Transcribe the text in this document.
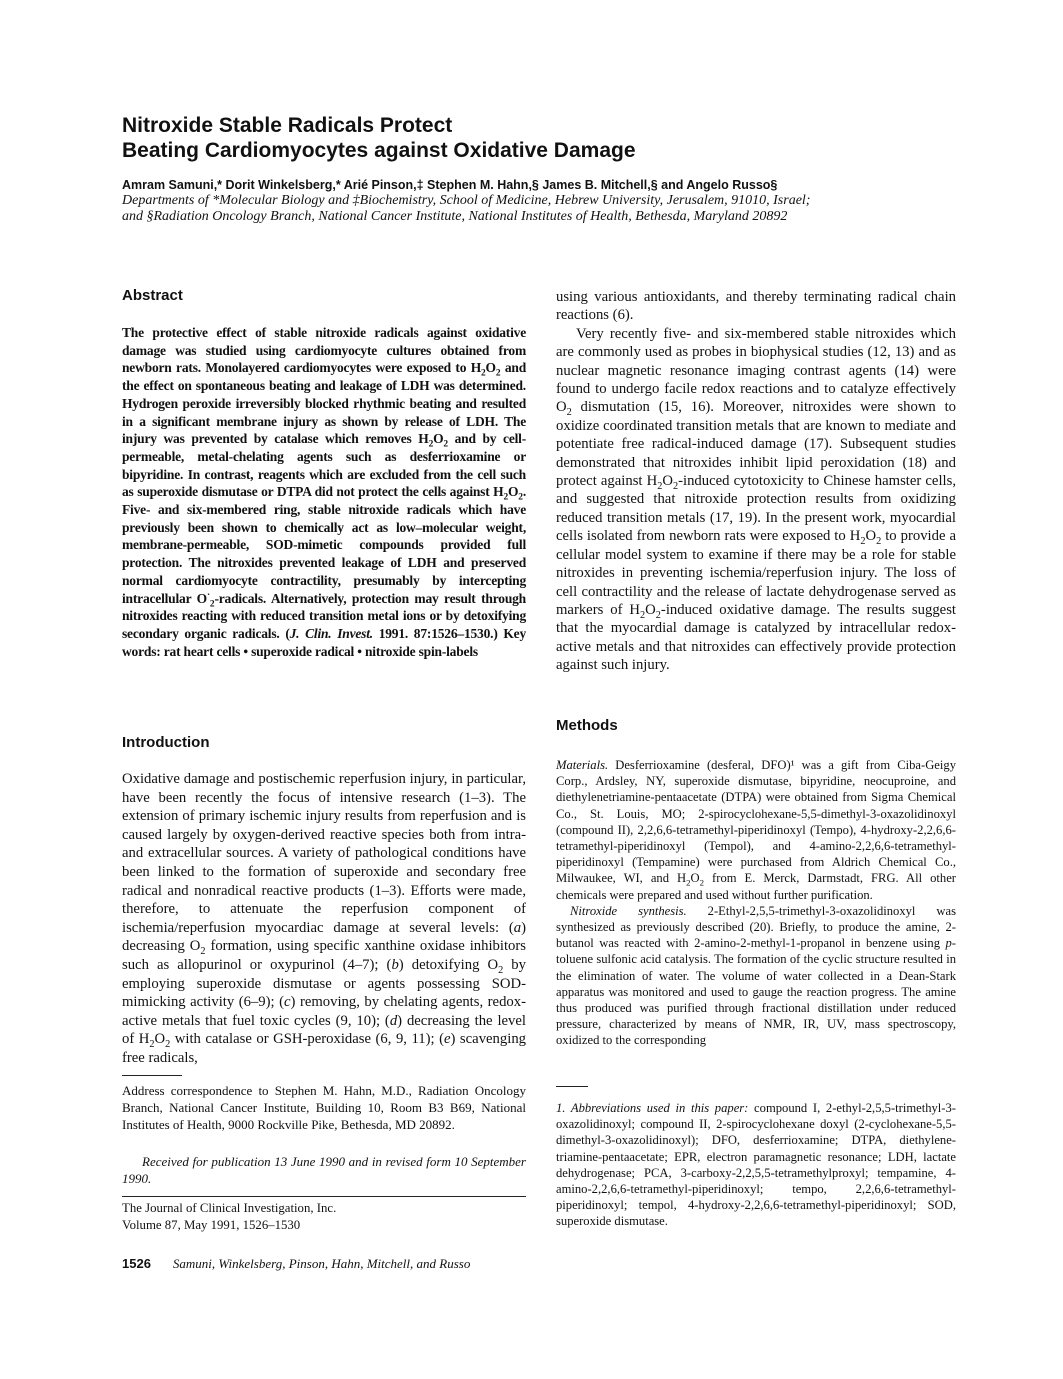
Nitroxide Stable Radicals Protect
Beating Cardiomyocytes against Oxidative Damage
Amram Samuni,* Dorit Winkelsberg,* Arié Pinson,‡ Stephen M. Hahn,§ James B. Mitchell,§ and Angelo Russo§
Departments of *Molecular Biology and ‡Biochemistry, School of Medicine, Hebrew University, Jerusalem, 91010, Israel;
and §Radiation Oncology Branch, National Cancer Institute, National Institutes of Health, Bethesda, Maryland 20892
Abstract
The protective effect of stable nitroxide radicals against oxidative damage was studied using cardiomyocyte cultures obtained from newborn rats. Monolayered cardiomyocytes were exposed to $H_2O_2$ and the effect on spontaneous beating and leakage of LDH was determined. Hydrogen peroxide irreversibly blocked rhythmic beating and resulted in a significant membrane injury as shown by release of LDH. The injury was prevented by catalase which removes $H_2O_2$ and by cell-permeable, metal-chelating agents such as desferrioxamine or bipyridine. In contrast, reagents which are excluded from the cell such as superoxide dismutase or DTPA did not protect the cells against $H_2O_2$. Five- and six-membered ring, stable nitroxide radicals which have previously been shown to chemically act as low–molecular weight, membrane-permeable, SOD-mimetic compounds provided full protection. The nitroxides prevented leakage of LDH and preserved normal cardiomyocyte contractility, presumably by intercepting intracellular $O^\cdot_2$-radicals. Alternatively, protection may result through nitroxides reacting with reduced transition metal ions or by detoxifying secondary organic radicals. (J. Clin. Invest. 1991. 87:1526–1530.) Key words: rat heart cells • superoxide radical • nitroxide spin-labels
Introduction
Oxidative damage and postischemic reperfusion injury, in particular, have been recently the focus of intensive research (1–3). The extension of primary ischemic injury results from reperfusion and is caused largely by oxygen-derived reactive species both from intra- and extracellular sources. A variety of pathological conditions have been linked to the formation of superoxide and secondary free radical and nonradical reactive products (1–3). Efforts were made, therefore, to attenuate the reperfusion component of ischemia/reperfusion myocardiac damage at several levels: (a) decreasing $O_2$ formation, using specific xanthine oxidase inhibitors such as allopurinol or oxypurinol (4–7); (b) detoxifying $O_2$ by employing superoxide dismutase or agents possessing SOD-mimicking activity (6–9); (c) removing, by chelating agents, redox-active metals that fuel toxic cycles (9, 10); (d) decreasing the level of $H_2O_2$ with catalase or GSH-peroxidase (6, 9, 11); (e) scavenging free radicals,
Address correspondence to Stephen M. Hahn, M.D., Radiation Oncology Branch, National Cancer Institute, Building 10, Room B3 B69, National Institutes of Health, 9000 Rockville Pike, Bethesda, MD 20892.
Received for publication 13 June 1990 and in revised form 10 September 1990.
The Journal of Clinical Investigation, Inc.
Volume 87, May 1991, 1526–1530
1526 Samuni, Winkelsberg, Pinson, Hahn, Mitchell, and Russo

using various antioxidants, and thereby terminating radical chain reactions (6).

Very recently five- and six-membered stable nitroxides which are commonly used as probes in biophysical studies (12, 13) and as nuclear magnetic resonance imaging contrast agents (14) were found to undergo facile redox reactions and to catalyze effectively $O_2$ dismutation (15, 16). Moreover, nitroxides were shown to oxidize coordinated transition metals that are known to mediate and potentiate free radical-induced damage (17). Subsequent studies demonstrated that nitroxides inhibit lipid peroxidation (18) and protect against $H_2O_2$-induced cytotoxicity to Chinese hamster cells, and suggested that nitroxide protection results from oxidizing reduced transition metals (17, 19). In the present work, myocardial cells isolated from newborn rats were exposed to $H_2O_2$ to provide a cellular model system to examine if there may be a role for stable nitroxides in preventing ischemia/reperfusion injury. The loss of cell contractility and the release of lactate dehydrogenase served as markers of $H_2O_2$-induced oxidative damage. The results suggest that the myocardial damage is catalyzed by intracellular redox-active metals and that nitroxides can effectively provide protection against such injury.

Methods

Materials. Desferrioxamine (desferal, DFO)¹ was a gift from Ciba-Geigy Corp., Ardsley, NY, superoxide dismutase, bipyridine, neocuproine, and diethylenetriamine-pentaacetate (DTPA) were obtained from Sigma Chemical Co., St. Louis, MO; 2-spirocyclohexane-5,5-dimethyl-3-oxazolidinoxyl (compound II), 2,2,6,6-tetramethyl-piperidinoxyl (Tempo), 4-hydroxy-2,2,6,6-tetramethyl-piperidinoxyl (Tempol), and 4-amino-2,2,6,6-tetramethyl-piperidinoxyl (Tempamine) were purchased from Aldrich Chemical Co., Milwaukee, WI, and $H_2O_2$ from E. Merck, Darmstadt, FRG. All other chemicals were prepared and used without further purification.

Nitroxide synthesis. 2-Ethyl-2,5,5-trimethyl-3-oxazolidinoxyl was synthesized as previously described (20). Briefly, to produce the amine, 2-butanol was reacted with 2-amino-2-methyl-1-propanol in benzene using p-toluene sulfonic acid catalysis. The formation of the cyclic structure resulted in the elimination of water. The volume of water collected in a Dean-Stark apparatus was monitored and used to gauge the reaction progress. The amine thus produced was purified through fractional distillation under reduced pressure, characterized by means of NMR, IR, UV, mass spectroscopy, oxidized to the corresponding

1. Abbreviations used in this paper: compound I, 2-ethyl-2,5,5-trimethyl-3-oxazolidinoxyl; compound II, 2-spirocyclohexane doxyl (2-cyclohexane-5,5-dimethyl-3-oxazolidinoxyl); DFO, desferrioxamine; DTPA, diethylene-triamine-pentaacetate; EPR, electron paramagnetic resonance; LDH, lactate dehydrogenase; PCA, 3-carboxy-2,2,5,5-tetramethylproxyl; tempamine, 4-amino-2,2,6,6-tetramethyl-piperidinoxyl; tempo, 2,2,6,6-tetramethyl-piperidinoxyl; tempol, 4-hydroxy-2,2,6,6-tetramethyl-piperidinoxyl; SOD, superoxide dismutase.
